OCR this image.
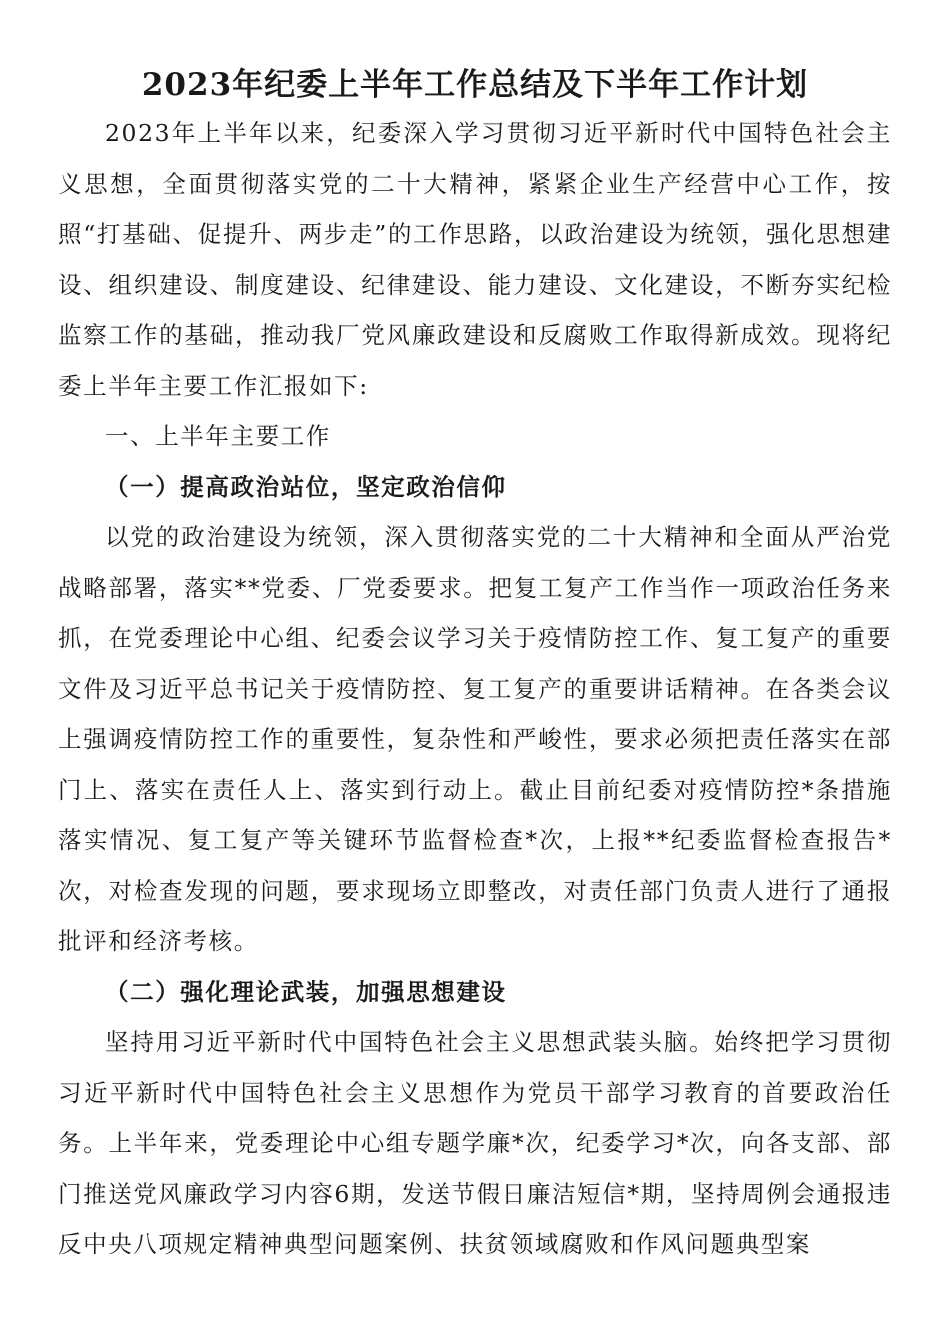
2023年纪委上半年工作总结及下半年工作计划

2023年上半年以来，纪委深入学习贯彻习近平新时代中国特色社会主义思想，全面贯彻落实党的二十大精神，紧紧企业生产经营中心工作，按照“打基础、促提升、两步走”的工作思路，以政治建设为统领，强化思想建设、组织建设、制度建设、纪律建设、能力建设、文化建设，不断夯实纪检监察工作的基础，推动我厂党风廉政建设和反腐败工作取得新成效。现将纪委上半年主要工作汇报如下:

一、上半年主要工作
（一）提高政治站位，坚定政治信仰

以党的政治建设为统领，深入贯彻落实党的二十大精神和全面从严治党战略部署，落实**党委、厂党委要求。把复工复产工作当作一项政治任务来抓，在党委理论中心组、纪委会议学习关于疫情防控工作、复工复产的重要文件及习近平总书记关于疫情防控、复工复产的重要讲话精神。在各类会议上强调疫情防控工作的重要性，复杂性和严峻性，要求必须把责任落实在部门上、落实在责任人上、落实到行动上。截止目前纪委对疫情防控*条措施落实情况、复工复产等关键环节监督检查*次，上报**纪委监督检查报告*次，对检查发现的问题，要求现场立即整改，对责任部门负责人进行了通报批评和经济考核。

（二）强化理论武装，加强思想建设

坚持用习近平新时代中国特色社会主义思想武装头脑。始终把学习贯彻习近平新时代中国特色社会主义思想作为党员干部学习教育的首要政治任务。上半年来，党委理论中心组专题学廉*次，纪委学习*次，向各支部、部门推送党风廉政学习内容6期，发送节假日廉洁短信*期，坚持周例会通报违反中央八项规定精神典型问题案例、扶贫领域腐败和作风问题典型案
